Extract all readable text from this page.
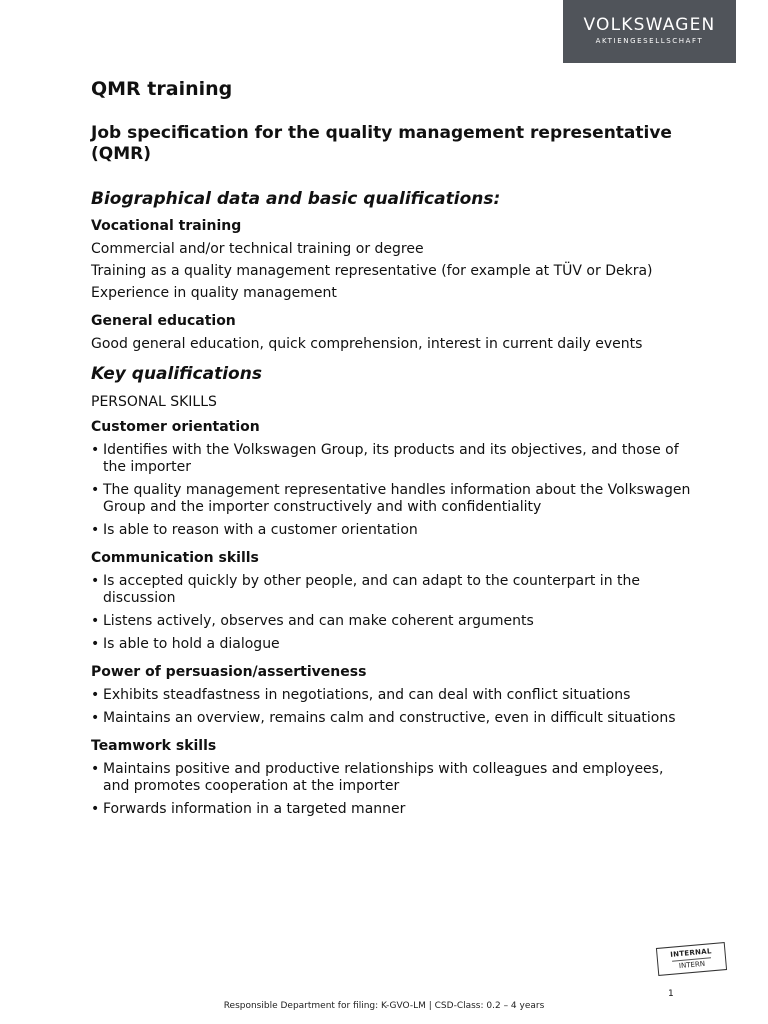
VOLKSWAGEN
AKTIENGESELLSCHAFT
QMR training
Job specification for the quality management representative (QMR)
Biographical data and basic qualifications:
Vocational training

Commercial and/or technical training or degree

Training as a quality management representative (for example at TÜV or Dekra)

Experience in quality management

General education

Good general education, quick comprehension, interest in current daily events

Key qualifications

PERSONAL SKILLS

Customer orientation
• Identifies with the Volkswagen Group, its products and its objectives, and those of the importer
• The quality management representative handles information about the Volkswagen Group and the importer constructively and with confidentiality
• Is able to reason with a customer orientation
Communication skills
• Is accepted quickly by other people, and can adapt to the counterpart in the discussion
• Listens actively, observes and can make coherent arguments
• Is able to hold a dialogue
Power of persuasion/assertiveness
• Exhibits steadfastness in negotiations, and can deal with conflict situations
• Maintains an overview, remains calm and constructive, even in difficult situations
Teamwork skills
• Maintains positive and productive relationships with colleagues and employees, and promotes cooperation at the importer
• Forwards information in a targeted manner
INTERNAL
INTERN
1
Responsible Department for filing: K-GVO-LM | CSD-Class: 0.2 – 4 years
